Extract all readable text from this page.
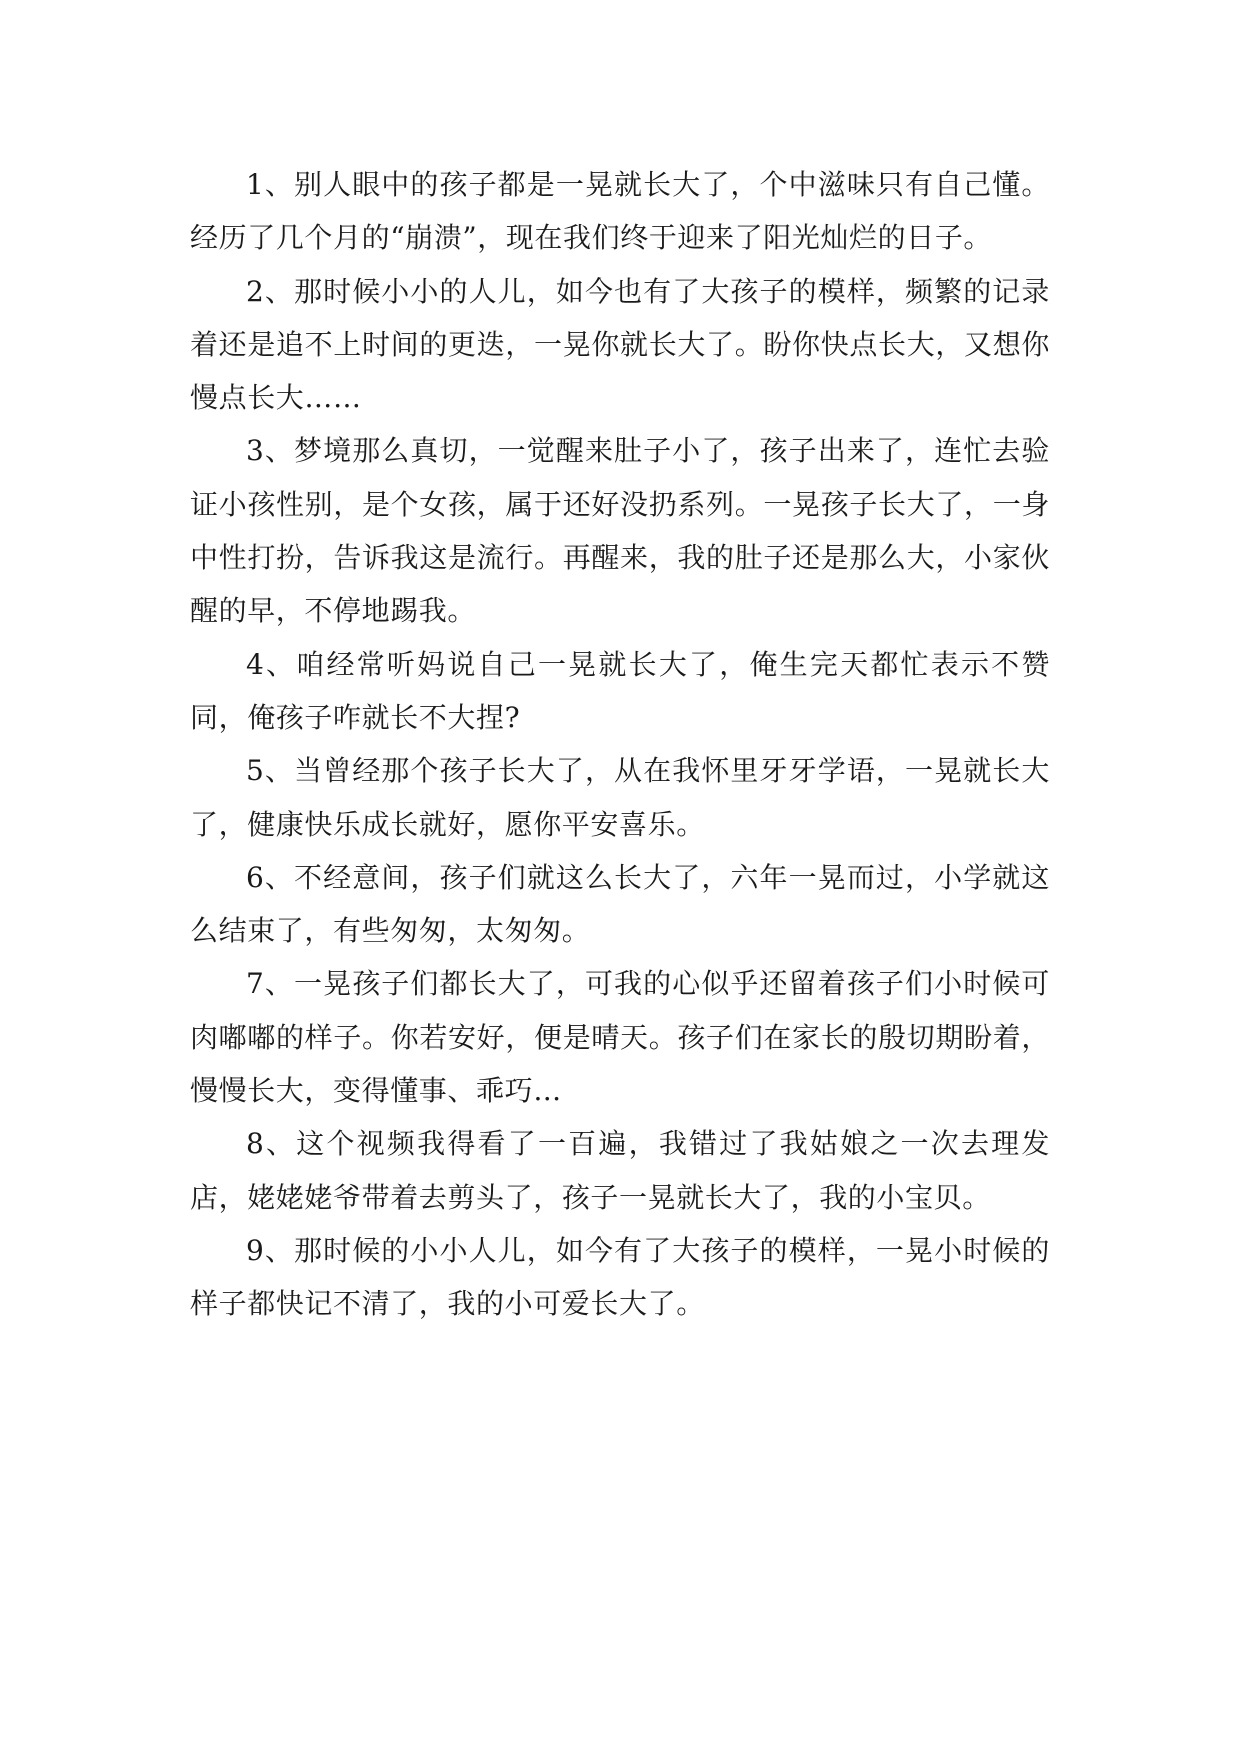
1、别人眼中的孩子都是一晃就长大了，个中滋味只有自己懂。经历了几个月的“崩溃”，现在我们终于迎来了阳光灿烂的日子。

2、那时候小小的人儿，如今也有了大孩子的模样，频繁的记录着还是追不上时间的更迭，一晃你就长大了。盼你快点长大，又想你慢点长大……

3、梦境那么真切，一觉醒来肚子小了，孩子出来了，连忙去验证小孩性别，是个女孩，属于还好没扔系列。一晃孩子长大了，一身中性打扮，告诉我这是流行。再醒来，我的肚子还是那么大，小家伙醒的早，不停地踢我。

4、咱经常听妈说自己一晃就长大了，俺生完天都忙表示不赞同，俺孩子咋就长不大捏?

5、当曾经那个孩子长大了，从在我怀里牙牙学语，一晃就长大了，健康快乐成长就好，愿你平安喜乐。

6、不经意间，孩子们就这么长大了，六年一晃而过，小学就这么结束了，有些匆匆，太匆匆。

7、一晃孩子们都长大了，可我的心似乎还留着孩子们小时候可肉嘟嘟的样子。你若安好，便是晴天。孩子们在家长的殷切期盼着，慢慢长大，变得懂事、乖巧…

8、这个视频我得看了一百遍，我错过了我姑娘之一次去理发店，姥姥姥爷带着去剪头了，孩子一晃就长大了，我的小宝贝。

9、那时候的小小人儿，如今有了大孩子的模样，一晃小时候的样子都快记不清了，我的小可爱长大了。
